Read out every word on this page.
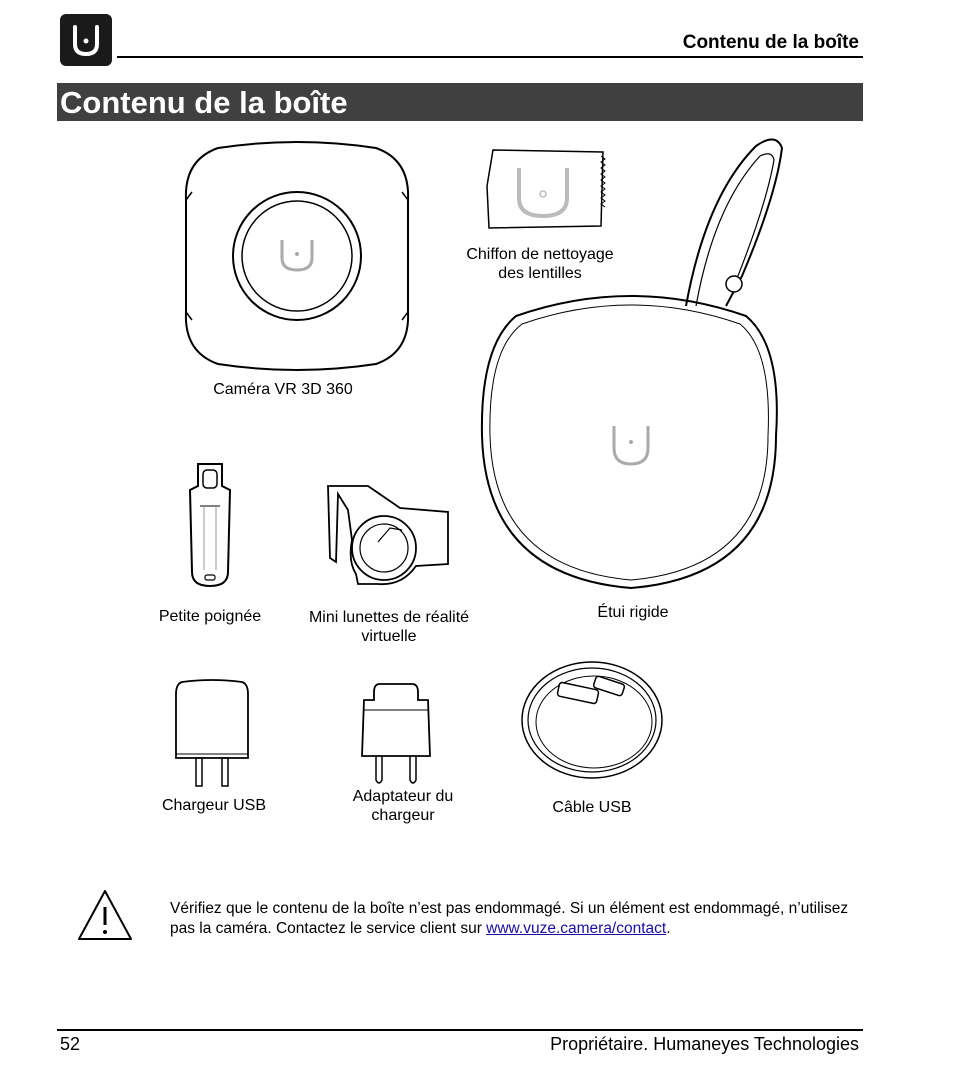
Contenu de la boîte
Contenu de la boîte
Caméra VR 3D 360
Chiffon de nettoyage
des lentilles
Étui rigide
Petite poignée	Mini lunettes de réalité
virtuelle
Chargeur USB
Adaptateur du
chargeur	Câble USB
Vérifiez que le contenu de la boîte n’est pas endommagé. Si un élément est endommagé, n’utilisez pas la caméra. Contactez le service client sur www.vuze.camera/contact.
52	Propriétaire. Humaneyes Technologies
